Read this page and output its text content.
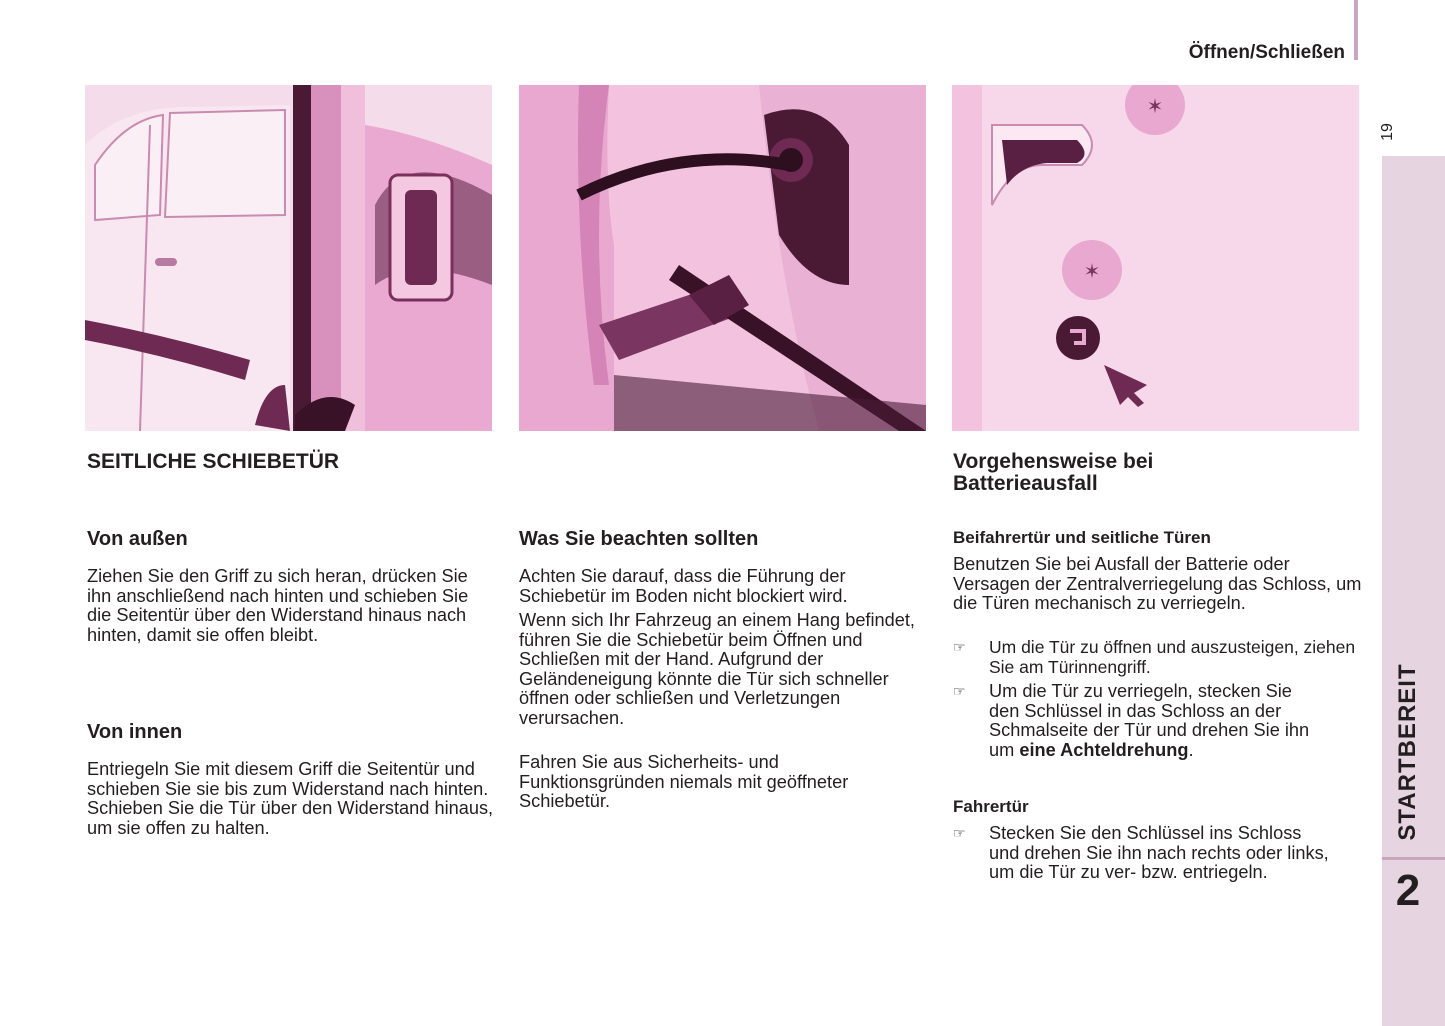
Öffnen/Schließen
19
STARTBEREIT
2
✶
✶
SEITLICHE SCHIEBETÜR
Von außen

Ziehen Sie den Griff zu sich heran, drücken Sie ihn anschließend nach hinten und schieben Sie die Seitentür über den Widerstand hinaus nach hinten, damit sie offen bleibt.

Von innen

Entriegeln Sie mit diesem Griff die Seitentür und schieben Sie sie bis zum Widerstand nach hinten. Schieben Sie die Tür über den Widerstand hinaus, um sie offen zu halten.

Was Sie beachten sollten

Achten Sie darauf, dass die Führung der Schiebetür im Boden nicht blockiert wird.

Wenn sich Ihr Fahrzeug an einem Hang befindet, führen Sie die Schiebetür beim Öffnen und Schließen mit der Hand. Aufgrund der Geländeneigung könnte die Tür sich schneller öffnen oder schließen und Verletzungen verursachen.

Fahren Sie aus Sicherheits- und Funktionsgründen niemals mit geöffneter Schiebetür.

Vorgehensweise bei Batterieausfall
Beifahrertür und seitliche Türen

Benutzen Sie bei Ausfall der Batterie oder Versagen der Zentralverriegelung das Schloss, um die Türen mechanisch zu verriegeln.

☞ Um die Tür zu öffnen und auszusteigen, ziehen Sie am Türinnengriff.
☞ Um die Tür zu verriegeln, stecken Sie den Schlüssel in das Schloss an der Schmalseite der Tür und drehen Sie ihn um eine Achteldrehung.
Fahrertür
☞ Stecken Sie den Schlüssel ins Schloss und drehen Sie ihn nach rechts oder links, um die Tür zu ver- bzw. entriegeln.
